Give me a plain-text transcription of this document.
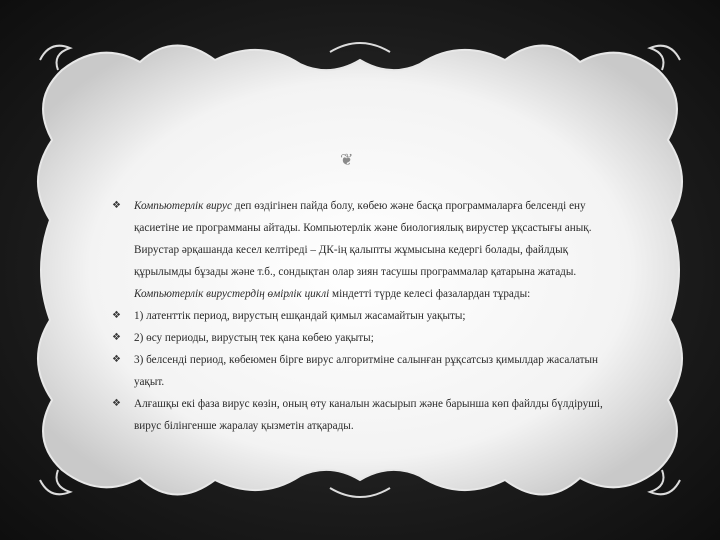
❦
❖ Компьютерлік вирус деп өздігінен пайда болу, көбею және басқа программаларға белсенді ену қасиетіне ие программаны айтады. Компьютерлік және биологиялық вирустер ұқсастығы анық. Вирустар әрқашанда кесел келтіреді – ДК-ің қалыпты жұмысына кедергі болады, файлдық құрылымды бұзады және т.б., сондықтан олар зиян тасушы программалар қатарына жатады. Компьютерлік вирустердің өмірлік циклі міндетті түрде келесі фазалардан тұрады:
❖ 1) латенттік период, вирустың ешқандай қимыл жасамайтын уақыты;
❖ 2) өсу периоды, вирустың тек қана көбею уақыты;
❖ 3) белсенді период, көбеюмен бірге вирус алгоритміне салынған рұқсатсыз қимылдар жасалатын уақыт.
❖ Алғашқы екі фаза вирус көзін, оның өту каналын жасырып және барынша көп файлды бүлдіруші, вирус білінгенше жаралау қызметін атқарады.
